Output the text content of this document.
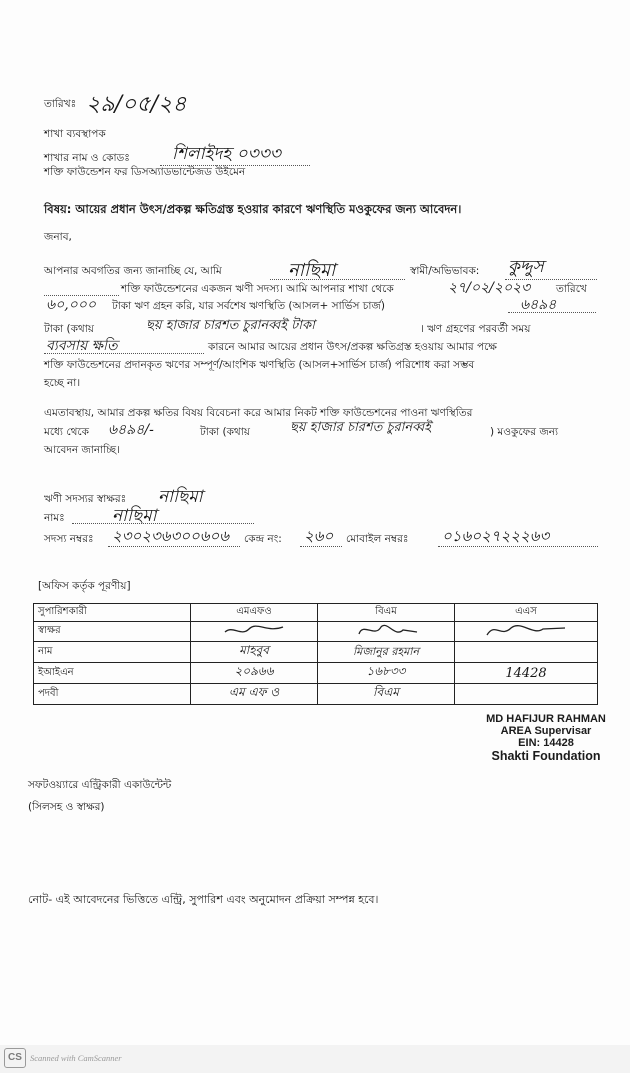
তারিখঃ ২৯/০৫/২৪
শাখা ব্যবস্থাপক
শাখার নাম ও কোডঃ শিলাইদহ ০৩৩৩
শক্তি ফাউন্ডেশন ফর ডিসঅ্যাডভান্টেজড উইমেন
বিষয়: আয়ের প্রধান উৎস/প্রকল্প ক্ষতিগ্রস্ত হওয়ার কারণে ঋণস্থিতি মওকুফের জন্য আবেদন।
জনাব,
আপনার অবগতির জন্য জানাচ্ছি যে, আমি	নাছিমা	স্বামী/অভিভাবক: কুদ্দুস
শক্তি ফাউন্ডেশনের একজন ঋণী সদস্য। আমি আপনার শাখা থেকে	২৭/০২/২০২৩ তারিখে
৬০,০০০ টাকা ঋণ গ্রহন করি, যার সর্বশেষ ঋণস্থিতি (আসল+ সার্ভিস চার্জ)	৬৪৯৪
টাকা (কথায়	ছয় হাজার চারশত চুরানব্বই টাকা	। ঋণ গ্রহণের পরবর্তী সময়
ব্যবসায় ক্ষতি	কারনে আমার আয়ের প্রধান উৎস/প্রকল্প ক্ষতিগ্রস্ত হওয়ায় আমার পক্ষে
শক্তি ফাউন্ডেশনের প্রদানকৃত ঋণের সম্পূর্ণ/আংশিক ঋণস্থিতি (আসল+সার্ভিস চার্জ) পরিশোধ করা সম্ভব
হচ্ছে না।
এমতাবস্থায়, আমার প্রকল্প ক্ষতির বিষয় বিবেচনা করে আমার নিকট শক্তি ফাউন্ডেশনের পাওনা ঋণস্থিতির
মধ্যে থেকে ৬৪৯৪/-	টাকা (কথায়	ছয় হাজার চারশত চুরানব্বই	) মওকুফের জন্য
আবেদন জানাচ্ছি।
ঋণী সদস্যর স্বাক্ষরঃ নাছিমা
নামঃ	নাছিমা
সদস্য নম্বরঃ ২৩০২৩৬৩০০৬০৬ কেন্দ্র নং: ২৬০ মোবাইল নম্বরঃ ০১৬০২৭২২২৬৩
[অফিস কর্তৃক পূরণীয়]
সুপারিশকারী	এমএফও	বিএম	এএস
স্বাক্ষর			
নাম	মাহবুব	মিজানুর রহমান	
ইআইএন	২০৯৬৬	১৬৮৩৩	14428
পদবী	এম এফ ও	বিএম	
MD HAFIJUR RAHMAN
AREA Supervisar
EIN: 14428
Shakti Foundation
সফটওয়্যারে এন্ট্রিকারী একাউন্টেন্ট
(সিলসহ ও স্বাক্ষর)
নোট- এই আবেদনের ভিত্তিতে এন্ট্রি, সুপারিশ এবং অনুমোদন প্রক্রিয়া সম্পন্ন হবে।
CS Scanned with CamScanner
